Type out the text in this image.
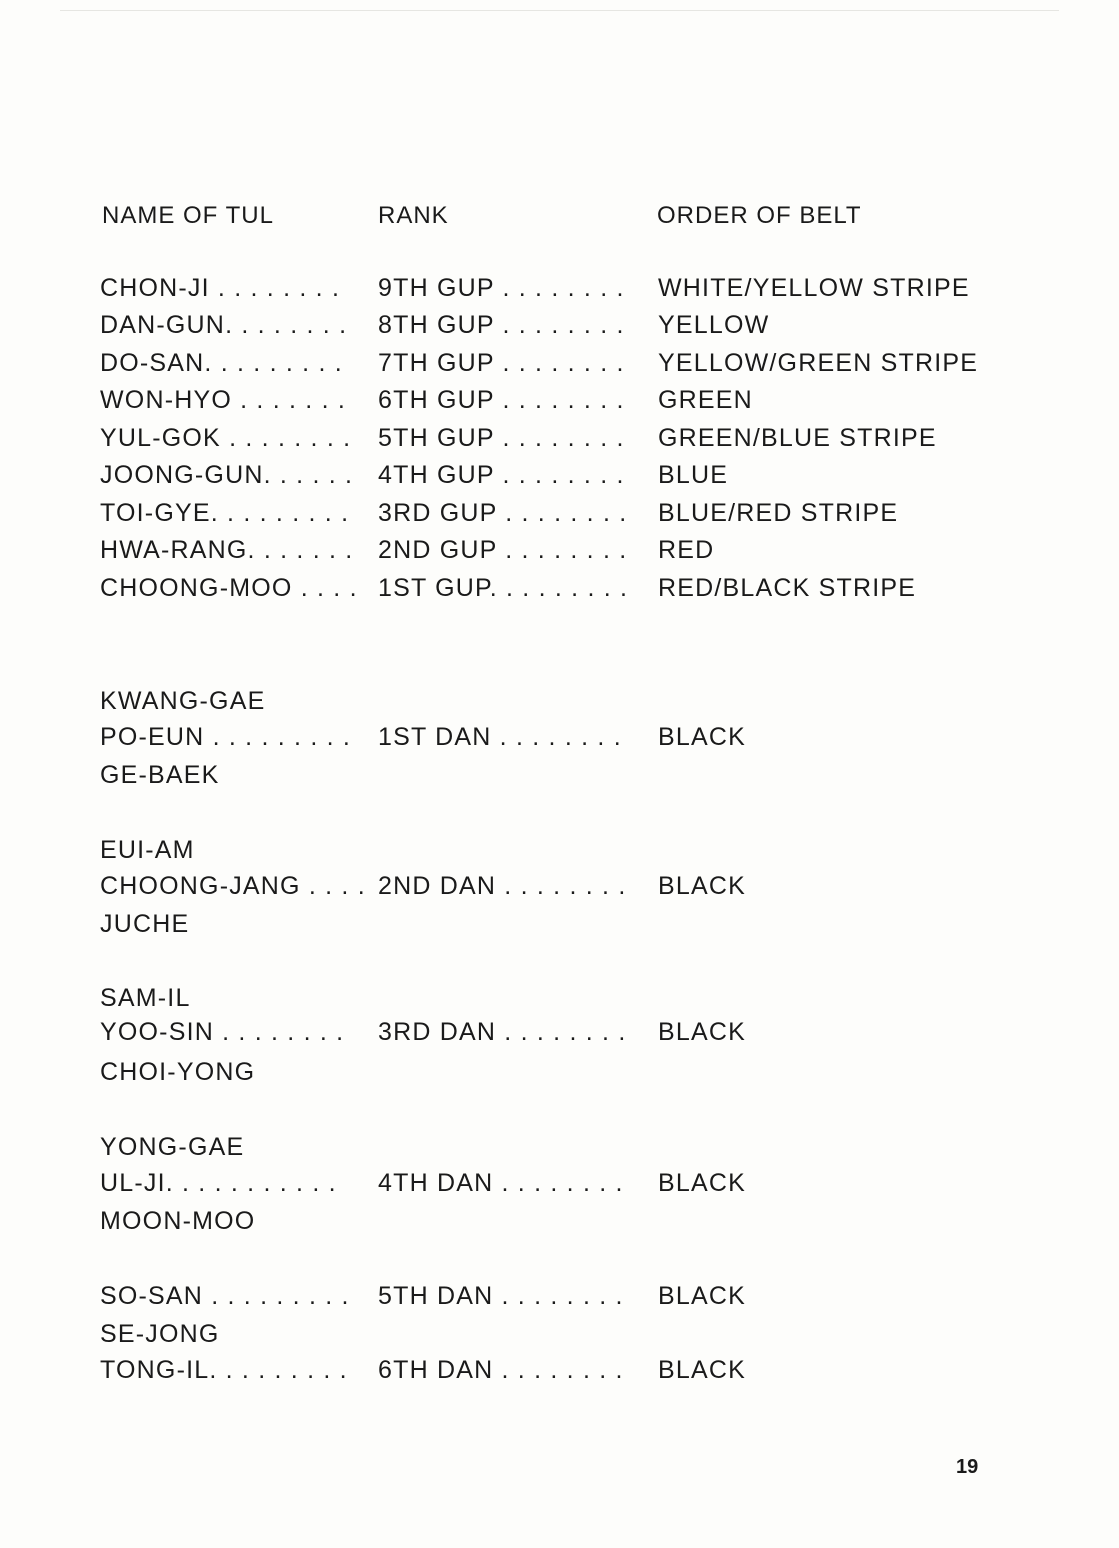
NAME OF TUL	RANK	ORDER OF BELT
CHON-JI . . . . . . . . 9TH GUP . . . . . . . . WHITE/YELLOW STRIPE
DAN-GUN. . . . . . . . 8TH GUP . . . . . . . . YELLOW
DO-SAN. . . . . . . . . 7TH GUP . . . . . . . . YELLOW/GREEN STRIPE
WON-HYO . . . . . . . 6TH GUP . . . . . . . . GREEN
YUL-GOK . . . . . . . . 5TH GUP . . . . . . . . GREEN/BLUE STRIPE
JOONG-GUN. . . . . . 4TH GUP . . . . . . . . BLUE
TOI-GYE. . . . . . . . . 3RD GUP . . . . . . . . BLUE/RED STRIPE
HWA-RANG. . . . . . . 2ND GUP . . . . . . . . RED
CHOONG-MOO . . . . 1ST GUP. . . . . . . . . RED/BLACK STRIPE
KWANG-GAE
PO-EUN . . . . . . . . . 1ST DAN . . . . . . . . BLACK
GE-BAEK
EUI-AM
CHOONG-JANG . . . . 2ND DAN . . . . . . . . BLACK
JUCHE
SAM-IL
YOO-SIN . . . . . . . . 3RD DAN . . . . . . . . BLACK
CHOI-YONG
YONG-GAE
UL-JI. . . . . . . . . . . 4TH DAN . . . . . . . . BLACK
MOON-MOO
SO-SAN . . . . . . . . . 5TH DAN . . . . . . . . BLACK
SE-JONG
TONG-IL. . . . . . . . . 6TH DAN . . . . . . . . BLACK
19
